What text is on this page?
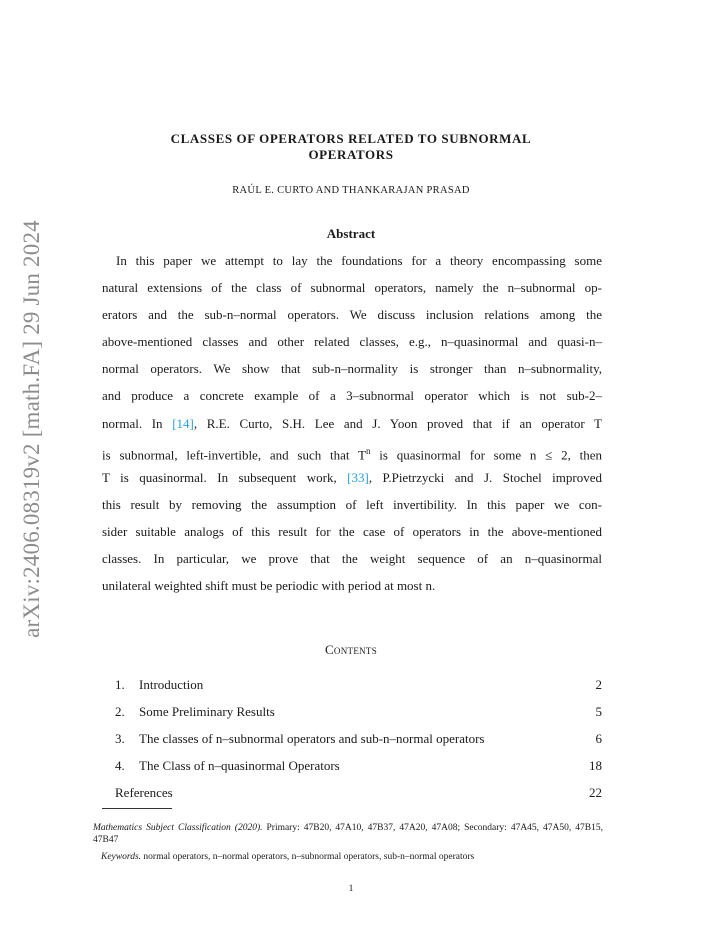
arXiv:2406.08319v2 [math.FA] 29 Jun 2024
CLASSES OF OPERATORS RELATED TO SUBNORMAL
OPERATORS
RAÚL E. CURTO AND THANKARAJAN PRASAD
Abstract
In this paper we attempt to lay the foundations for a theory encompassing some
natural extensions of the class of subnormal operators, namely the n–subnormal op-
erators and the sub-n–normal operators. We discuss inclusion relations among the
above-mentioned classes and other related classes, e.g., n–quasinormal and quasi-n–
normal operators. We show that sub-n–normality is stronger than n–subnormality,
and produce a concrete example of a 3–subnormal operator which is not sub-2–
normal. In [14], R.E. Curto, S.H. Lee and J. Yoon proved that if an operator T
is subnormal, left-invertible, and such that $T^n$ is quasinormal for some n ≤ 2, then
T is quasinormal. In subsequent work, [33], P.Pietrzycki and J. Stochel improved
this result by removing the assumption of left invertibility. In this paper we con-
sider suitable analogs of this result for the case of operators in the above-mentioned
classes. In particular, we prove that the weight sequence of an n–quasinormal
unilateral weighted shift must be periodic with period at most n.
Contents
1. Introduction	2
2. Some Preliminary Results	5
3. The classes of n–subnormal operators and sub-n–normal operators	6
4. The Class of n–quasinormal Operators	18
References	22
Mathematics Subject Classification (2020). Primary: 47B20, 47A10, 47B37, 47A20, 47A08; Secondary: 47A45, 47A50, 47B15, 47B47
Keywords. normal operators, n–normal operators, n–subnormal operators, sub-n–normal operators
1
